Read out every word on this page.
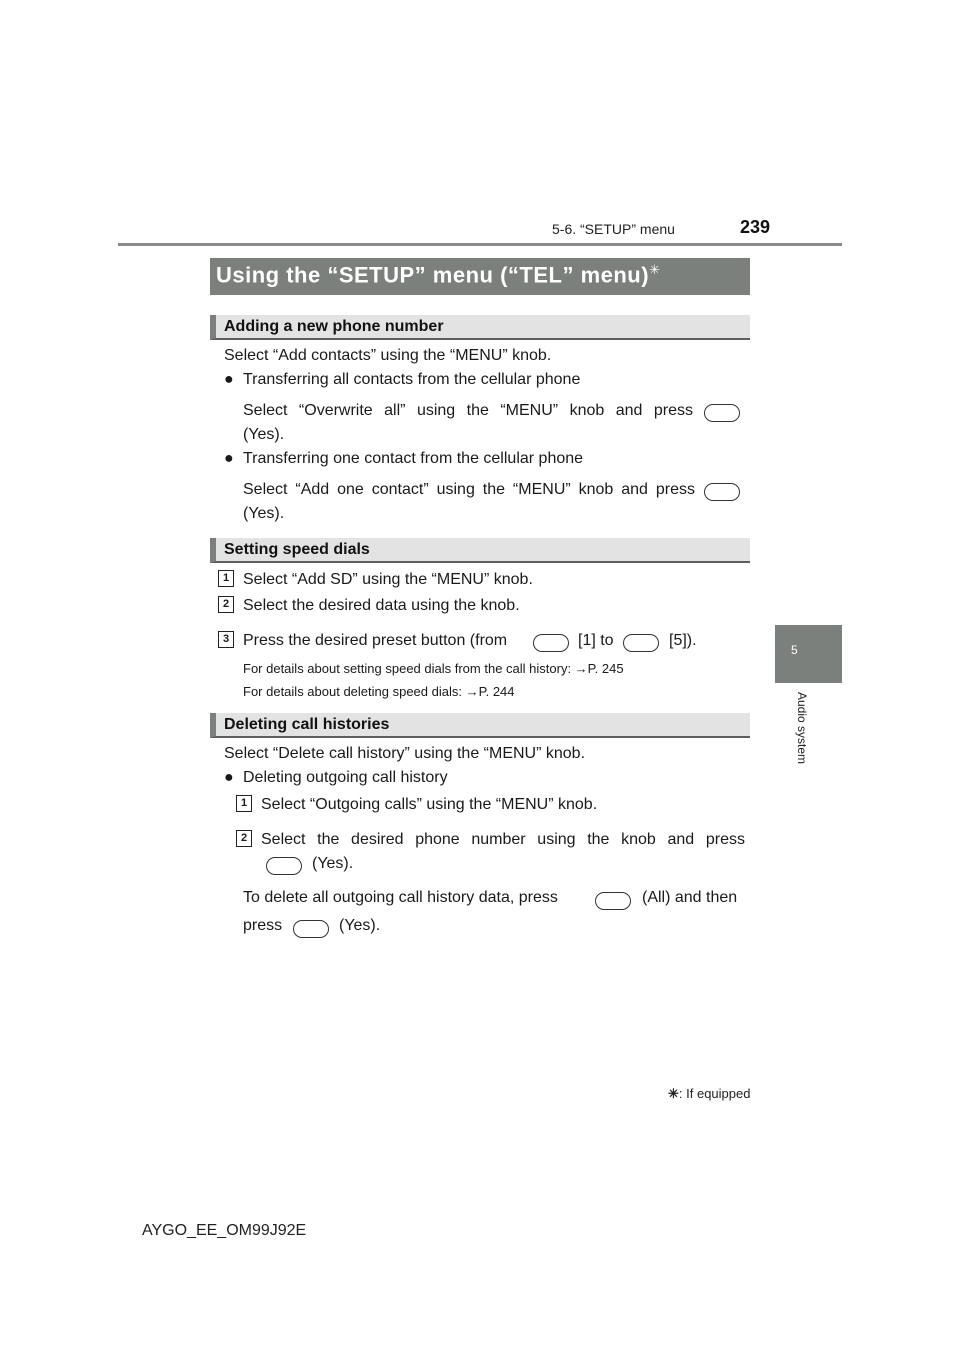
5-6. “SETUP” menu	239
5
Audio system
Using the “SETUP” menu (“TEL” menu)✳
Adding a new phone number
Select “Add contacts” using the “MENU” knob.
● Transferring all contacts from the cellular phone
Select “Overwrite all” using the “MENU” knob and press
(Yes).
● Transferring one contact from the cellular phone
Select “Add one contact” using the “MENU” knob and press
(Yes).
Setting speed dials
1 Select “Add SD” using the “MENU” knob.
2 Select the desired data using the knob.
3 Press the desired preset button (from	[1] to	[5]).
For details about setting speed dials from the call history: →P. 245
For details about deleting speed dials: →P. 244
Deleting call histories
Select “Delete call history” using the “MENU” knob.
● Deleting outgoing call history
1 Select “Outgoing calls” using the “MENU” knob.
2 Select the desired phone number using the knob and press
(Yes).
To delete all outgoing call history data, press	(All) and then
press	(Yes).
✳: If equipped
AYGO_EE_OM99J92E
